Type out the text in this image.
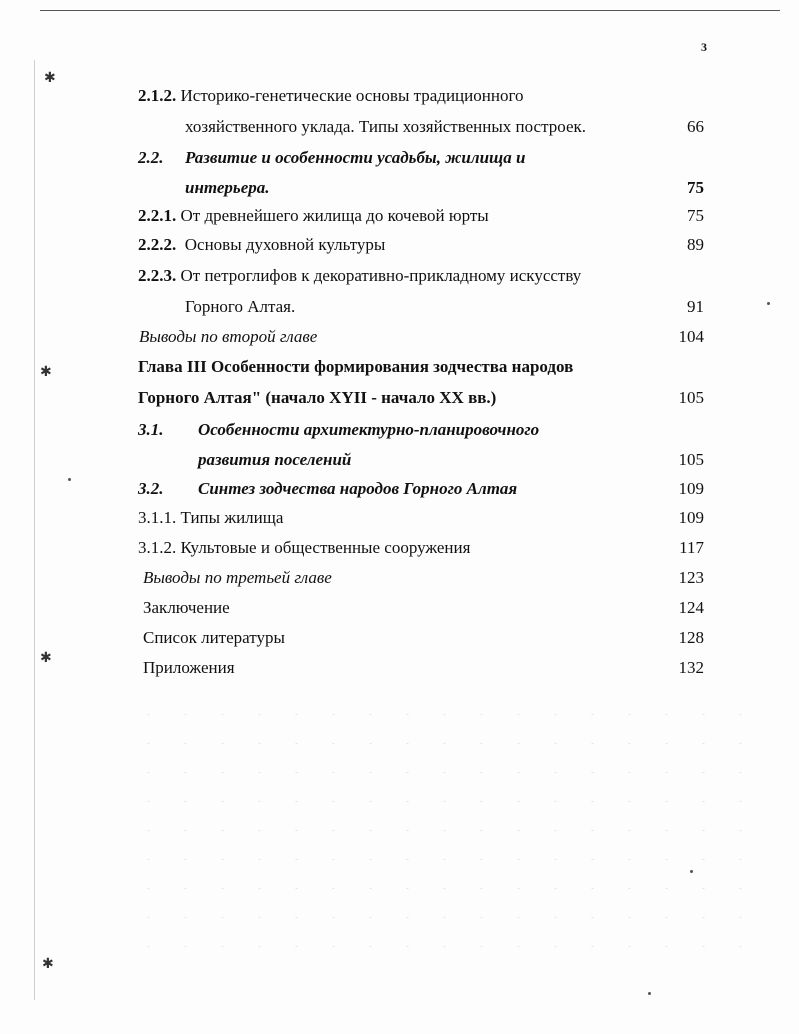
✱
✱
✱
✱
3
2.1.2. Историко-генетические основы традиционного
хозяйственного уклада. Типы хозяйственных построек.	66
2.2. Развитие и особенности усадьбы, жилища и
интерьера.	75
2.2.1. От древнейшего жилища до кочевой юрты	75
2.2.2. Основы духовной культуры	89
2.2.3. От петроглифов к декоративно-прикладному искусству
Горного Алтая.	91
Выводы по второй главе	104
Глава III Особенности формирования зодчества народов
Горного Алтая" (начало XYII - начало XX вв.)	105
3.1. Особенности архитектурно-планировочного
развития поселений	105
3.2. Синтез зодчества народов Горного Алтая	109
3.1.1. Типы жилища	109
3.1.2. Культовые и общественные сооружения	117
Выводы по третьей главе	123
Заключение	124
Список литературы	128
Приложения	132
